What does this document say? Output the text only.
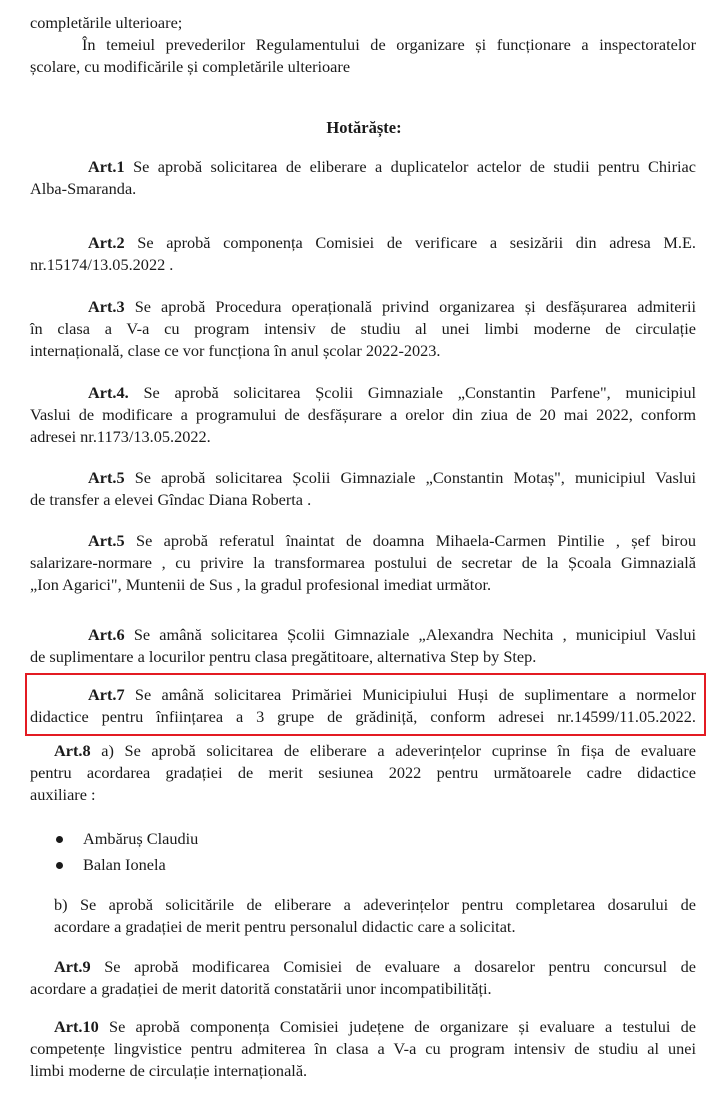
completările ulterioare;
În temeiul prevederilor Regulamentului de organizare și funcționare a inspectoratelor
școlare, cu modificările și completările ulterioare
Hotărăște:
Art.1 Se aprobă solicitarea de eliberare a duplicatelor actelor de studii pentru Chiriac
Alba-Smaranda.
Art.2 Se aprobă componența Comisiei de verificare a sesizării din adresa M.E.
nr.15174/13.05.2022 .
Art.3 Se aprobă Procedura operațională privind organizarea și desfășurarea admiterii
în clasa a V-a cu program intensiv de studiu al unei limbi moderne de circulație
internațională, clase ce vor funcționa în anul școlar 2022-2023.
Art.4. Se aprobă solicitarea Școlii Gimnaziale „Constantin Parfene", municipiul
Vaslui de modificare a programului de desfășurare a orelor din ziua de 20 mai 2022, conform
adresei nr.1173/13.05.2022.
Art.5 Se aprobă solicitarea Școlii Gimnaziale „Constantin Motaș", municipiul Vaslui
de transfer a elevei Gîndac Diana Roberta .
Art.5 Se aprobă referatul înaintat de doamna Mihaela-Carmen Pintilie , șef birou
salarizare-normare , cu privire la transformarea postului de secretar de la Școala Gimnazială
„Ion Agarici", Muntenii de Sus , la gradul profesional imediat următor.
Art.6 Se amână solicitarea Școlii Gimnaziale „Alexandra Nechita , municipiul Vaslui
de suplimentare a locurilor pentru clasa pregătitoare, alternativa Step by Step.
Art.7 Se amână solicitarea Primăriei Municipiului Huși de suplimentare a normelor
didactice pentru înființarea a 3 grupe de grădiniță, conform adresei nr.14599/11.05.2022.
Art.8 a) Se aprobă solicitarea de eliberare a adeverințelor cuprinse în fișa de evaluare
pentru acordarea gradației de merit sesiunea 2022 pentru următoarele cadre didactice
auxiliare :
Ambăruș Claudiu
Balan Ionela
b) Se aprobă solicitările de eliberare a adeverințelor pentru completarea dosarului de
acordare a gradației de merit pentru personalul didactic care a solicitat.
Art.9 Se aprobă modificarea Comisiei de evaluare a dosarelor pentru concursul de
acordare a gradației de merit datorită constatării unor incompatibilități.
Art.10 Se aprobă componența Comisiei județene de organizare și evaluare a testului de
competențe lingvistice pentru admiterea în clasa a V-a cu program intensiv de studiu al unei
limbi moderne de circulație internațională.
